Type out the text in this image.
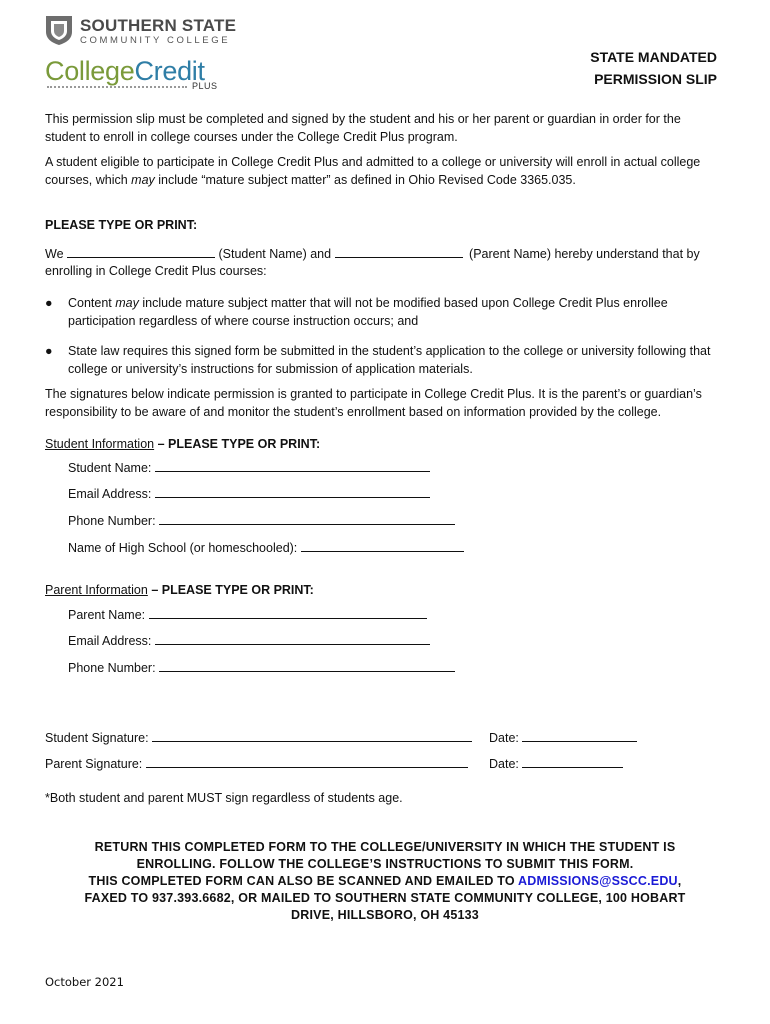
SOUTHERN STATE
COMMUNITY COLLEGE
CollegeCredit
PLUS
STATE MANDATED
PERMISSION SLIP
This permission slip must be completed and signed by the student and his or her parent or guardian in order for the student to enroll in college courses under the College Credit Plus program.
A student eligible to participate in College Credit Plus and admitted to a college or university will enroll in actual college courses, which may include “mature subject matter” as defined in Ohio Revised Code 3365.035.
PLEASE TYPE OR PRINT:
We	(Student Name) and	(Parent Name) hereby understand that by
enrolling in College Credit Plus courses:
● Content may include mature subject matter that will not be modified based upon College Credit Plus enrollee participation regardless of where course instruction occurs; and
● State law requires this signed form be submitted in the student’s application to the college or university following that college or university’s instructions for submission of application materials.
The signatures below indicate permission is granted to participate in College Credit Plus. It is the parent’s or guardian’s responsibility to be aware of and monitor the student’s enrollment based on information provided by the college.
Student Information – PLEASE TYPE OR PRINT:
Student Name:
Email Address:
Phone Number:
Name of High School (or homeschooled):
Parent Information – PLEASE TYPE OR PRINT:
Parent Name:
Email Address:
Phone Number:
Student Signature:	Date:
Parent Signature:	Date:
*Both student and parent MUST sign regardless of students age.
RETURN THIS COMPLETED FORM TO THE COLLEGE/UNIVERSITY IN WHICH THE STUDENT IS
ENROLLING. FOLLOW THE COLLEGE’S INSTRUCTIONS TO SUBMIT THIS FORM.
THIS COMPLETED FORM CAN ALSO BE SCANNED AND EMAILED TO ADMISSIONS@SSCC.EDU,
FAXED TO 937.393.6682, OR MAILED TO SOUTHERN STATE COMMUNITY COLLEGE, 100 HOBART
DRIVE, HILLSBORO, OH 45133
October 2021
